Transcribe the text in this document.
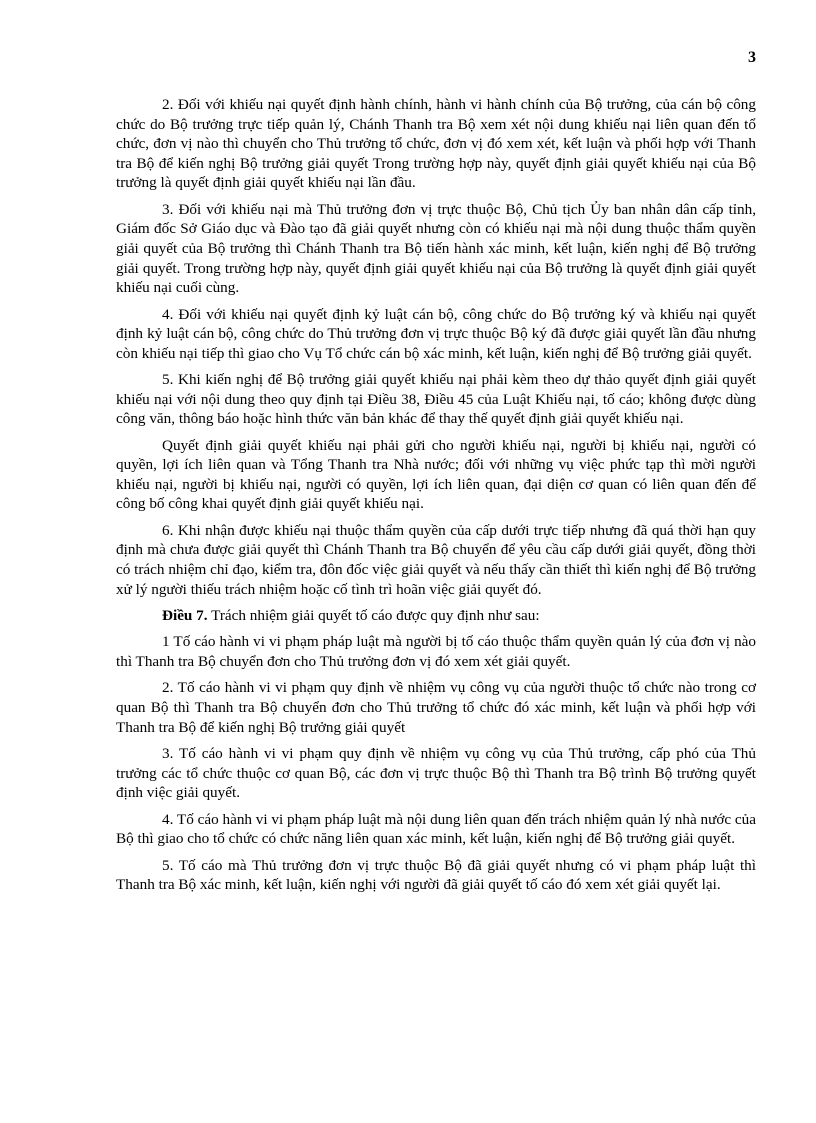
3

2. Đối với khiếu nại quyết định hành chính, hành vi hành chính của Bộ trưởng, của cán bộ công chức do Bộ trưởng trực tiếp quản lý, Chánh Thanh tra Bộ xem xét nội dung khiếu nại liên quan đến tổ chức, đơn vị nào thì chuyển cho Thủ trưởng tổ chức, đơn vị đó xem xét, kết luận và phối hợp với Thanh tra Bộ để kiến nghị Bộ trưởng giải quyết Trong trường hợp này, quyết định giải quyết khiếu nại của Bộ trưởng là quyết định giải quyết khiếu nại lần đầu.

3. Đối với khiếu nại mà Thủ trưởng đơn vị trực thuộc Bộ, Chủ tịch Ủy ban nhân dân cấp tỉnh, Giám đốc Sở Giáo dục và Đào tạo đã giải quyết nhưng còn có khiếu nại mà nội dung thuộc thẩm quyền giải quyết của Bộ trưởng thì Chánh Thanh tra Bộ tiến hành xác minh, kết luận, kiến nghị để Bộ trưởng giải quyết. Trong trường hợp này, quyết định giải quyết khiếu nại của Bộ trưởng là quyết định giải quyết khiếu nại cuối cùng.

4. Đối với khiếu nại quyết định kỷ luật cán bộ, công chức do Bộ trưởng ký và khiếu nại quyết định kỷ luật cán bộ, công chức do Thủ trưởng đơn vị trực thuộc Bộ ký đã được giải quyết lần đầu nhưng còn khiếu nại tiếp thì giao cho Vụ Tổ chức cán bộ xác minh, kết luận, kiến nghị để Bộ trưởng giải quyết.

5. Khi kiến nghị để Bộ trưởng giải quyết khiếu nại phải kèm theo dự thảo quyết định giải quyết khiếu nại với nội dung theo quy định tại Điều 38, Điều 45 của Luật Khiếu nại, tố cáo; không được dùng công văn, thông báo hoặc hình thức văn bản khác để thay thế quyết định giải quyết khiếu nại.

Quyết định giải quyết khiếu nại phải gửi cho người khiếu nại, người bị khiếu nại, người có quyền, lợi ích liên quan và Tổng Thanh tra Nhà nước; đối với những vụ việc phức tạp thì mời người khiếu nại, người bị khiếu nại, người có quyền, lợi ích liên quan, đại diện cơ quan có liên quan đến để công bố công khai quyết định giải quyết khiếu nại.

6. Khi nhận được khiếu nại thuộc thẩm quyền của cấp dưới trực tiếp nhưng đã quá thời hạn quy định mà chưa được giải quyết thì Chánh Thanh tra Bộ chuyển để yêu cầu cấp dưới giải quyết, đồng thời có trách nhiệm chỉ đạo, kiểm tra, đôn đốc việc giải quyết và nếu thấy cần thiết thì kiến nghị để Bộ trưởng xử lý người thiếu trách nhiệm hoặc cố tình trì hoãn việc giải quyết đó.

Điều 7. Trách nhiệm giải quyết tố cáo được quy định như sau:

1 Tố cáo hành vi vi phạm pháp luật mà người bị tố cáo thuộc thẩm quyền quản lý của đơn vị nào thì Thanh tra Bộ chuyển đơn cho Thủ trưởng đơn vị đó xem xét giải quyết.

2. Tố cáo hành vi vi phạm quy định về nhiệm vụ công vụ của người thuộc tổ chức nào trong cơ quan Bộ thì Thanh tra Bộ chuyển đơn cho Thủ trưởng tổ chức đó xác minh, kết luận và phối hợp với Thanh tra Bộ để kiến nghị Bộ trưởng giải quyết

3. Tố cáo hành vi vi phạm quy định về nhiệm vụ công vụ của Thủ trưởng, cấp phó của Thủ trưởng các tổ chức thuộc cơ quan Bộ, các đơn vị trực thuộc Bộ thì Thanh tra Bộ trình Bộ trưởng quyết định việc giải quyết.

4. Tố cáo hành vi vi phạm pháp luật mà nội dung liên quan đến trách nhiệm quản lý nhà nước của Bộ thì giao cho tổ chức có chức năng liên quan xác minh, kết luận, kiến nghị để Bộ trưởng giải quyết.

5. Tố cáo mà Thủ trưởng đơn vị trực thuộc Bộ đã giải quyết nhưng có vi phạm pháp luật thì Thanh tra Bộ xác minh, kết luận, kiến nghị với người đã giải quyết tố cáo đó xem xét giải quyết lại.
